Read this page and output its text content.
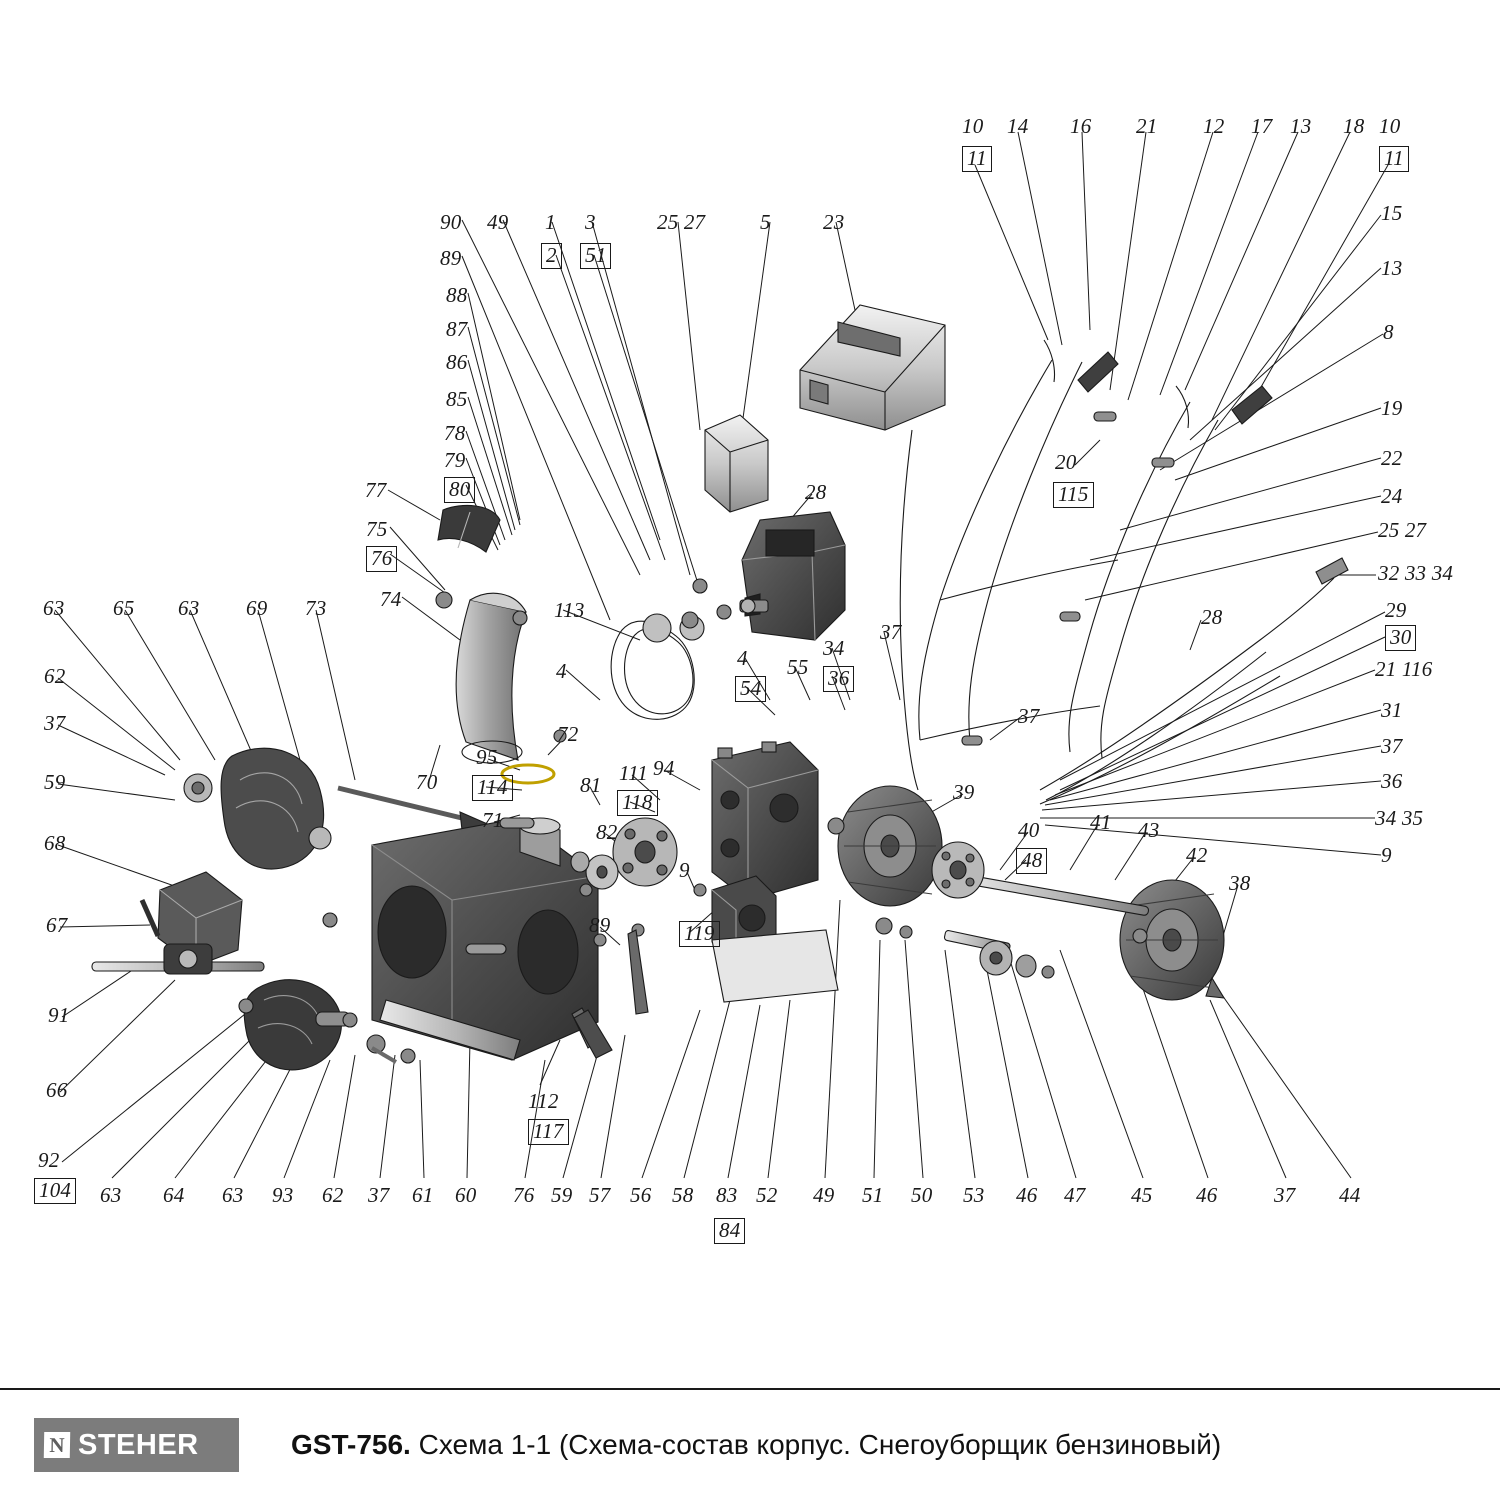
10
11
14 16 21 12 17 13 18 10
11
15
13
8
19
22
24
20
115
25 27
32 33 34
29
30
21 116
31
37
36
34 35
9
28
90 49 1 3
2 51
25 27	5 23
89
88
87
86
85
78
79
80
77
75
76
74	113
28
37
37
34
36
55
4
54
4
63 65 63 69 73
62
37
59
68
67
91
66
92
104
70
95
114
72
71
81
82
111
118
94
9
119
89
39
40
48
41 43
42
38
112
117
63 64 63 93 62 37 61 60 76 59 57 56 58 83
84
52 49 51 50 53 46 47 45 46	37 44
N STEHER	GST-756. Схема 1-1 (Схема-состав корпус. Снегоуборщик бензиновый)
